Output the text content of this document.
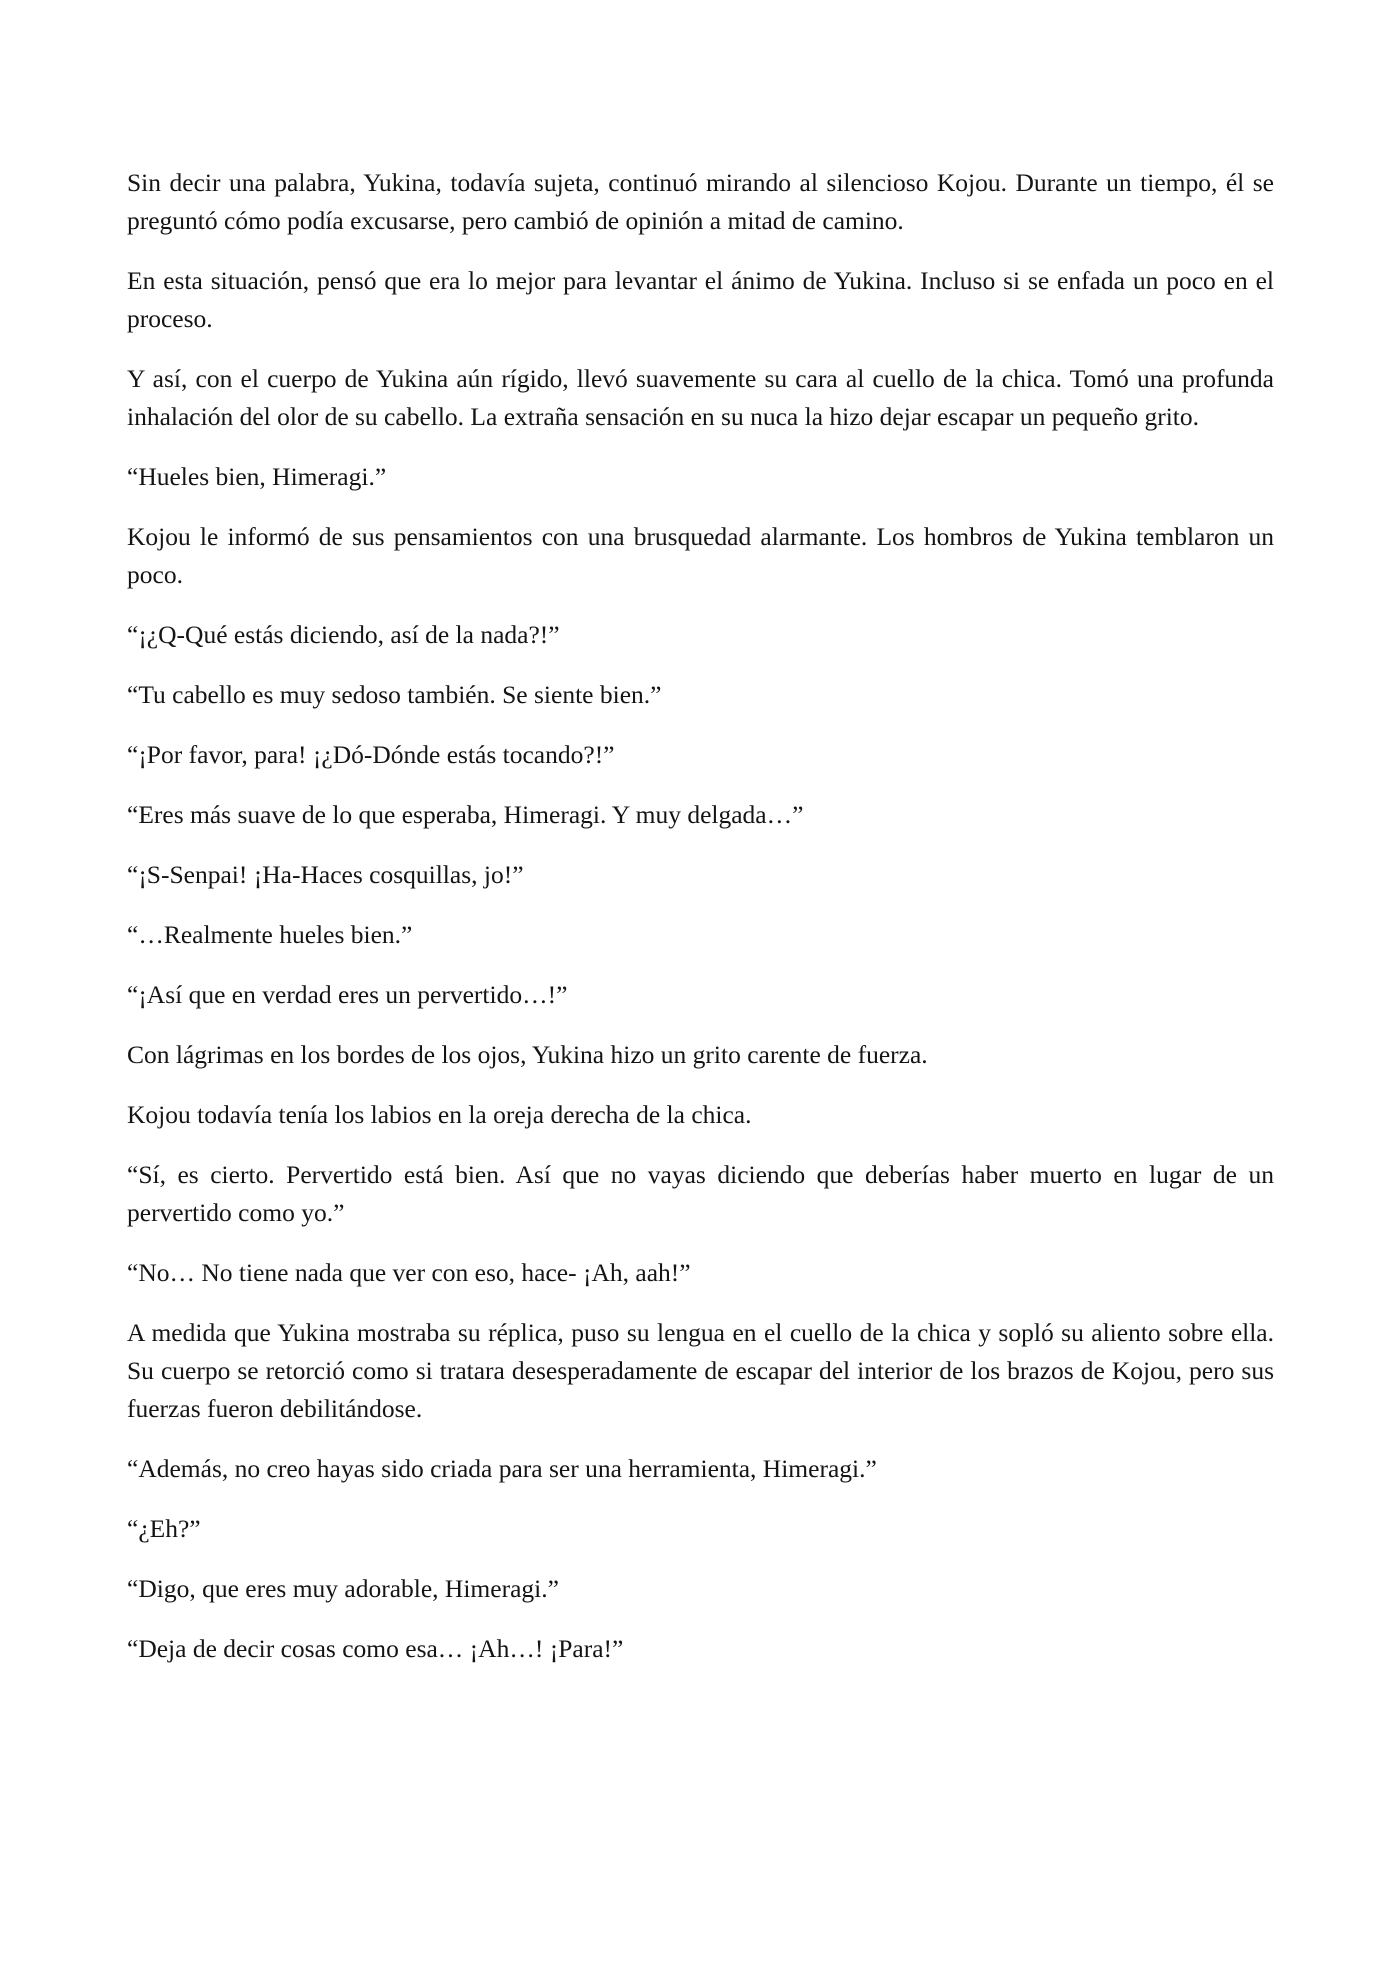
Sin decir una palabra, Yukina, todavía sujeta, continuó mirando al silencioso Kojou. Durante un tiempo, él se preguntó cómo podía excusarse, pero cambió de opinión a mitad de camino.

En esta situación, pensó que era lo mejor para levantar el ánimo de Yukina. Incluso si se enfada un poco en el proceso.

Y así, con el cuerpo de Yukina aún rígido, llevó suavemente su cara al cuello de la chica. Tomó una profunda inhalación del olor de su cabello. La extraña sensación en su nuca la hizo dejar escapar un pequeño grito.

“Hueles bien, Himeragi.”

Kojou le informó de sus pensamientos con una brusquedad alarmante. Los hombros de Yukina temblaron un poco.

“¡¿Q-Qué estás diciendo, así de la nada?!”

“Tu cabello es muy sedoso también. Se siente bien.”

“¡Por favor, para! ¡¿Dó-Dónde estás tocando?!”

“Eres más suave de lo que esperaba, Himeragi. Y muy delgada…”

“¡S-Senpai! ¡Ha-Haces cosquillas, jo!”

“…Realmente hueles bien.”

“¡Así que en verdad eres un pervertido…!”

Con lágrimas en los bordes de los ojos, Yukina hizo un grito carente de fuerza.

Kojou todavía tenía los labios en la oreja derecha de la chica.

“Sí, es cierto. Pervertido está bien. Así que no vayas diciendo que deberías haber muerto en lugar de un pervertido como yo.”

“No… No tiene nada que ver con eso, hace- ¡Ah, aah!”

A medida que Yukina mostraba su réplica, puso su lengua en el cuello de la chica y sopló su aliento sobre ella. Su cuerpo se retorció como si tratara desesperadamente de escapar del interior de los brazos de Kojou, pero sus fuerzas fueron debilitándose.

“Además, no creo hayas sido criada para ser una herramienta, Himeragi.”

“¿Eh?”

“Digo, que eres muy adorable, Himeragi.”

“Deja de decir cosas como esa… ¡Ah…! ¡Para!”
